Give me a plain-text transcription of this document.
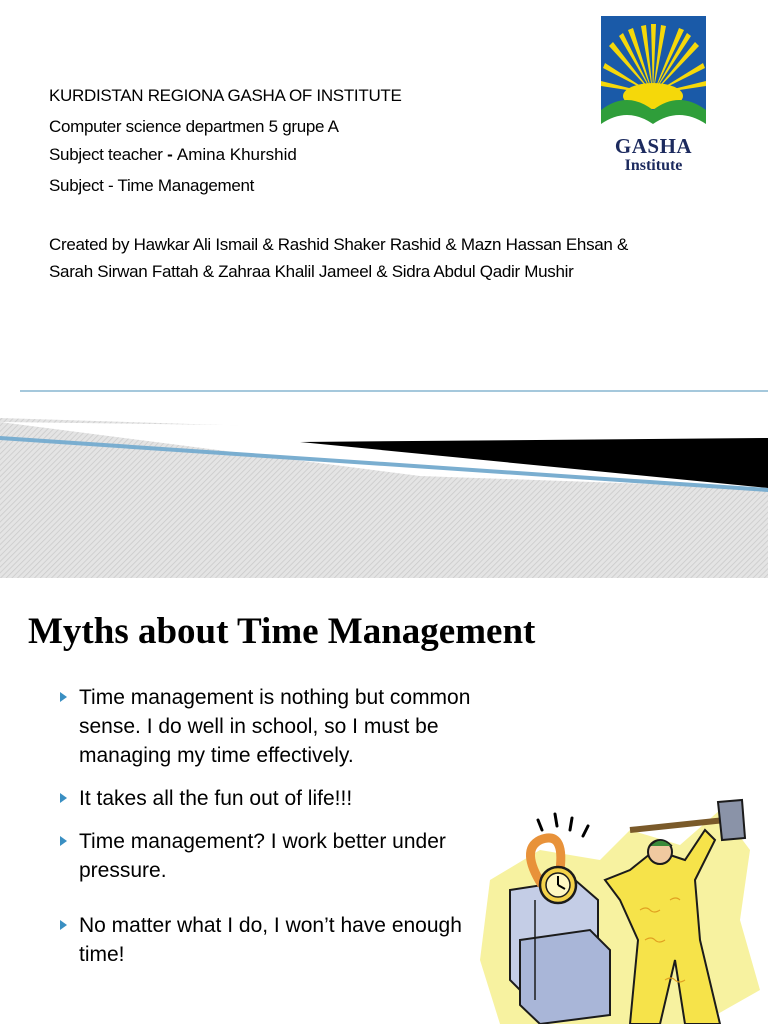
KURDISTAN REGIONA GASHA OF INSTITUTE
Computer science departmen 5 grupe A
Subject teacher - Amina Khurshid
Subject - Time Management
Created by Hawkar Ali Ismail & Rashid Shaker Rashid & Mazn Hassan Ehsan &
Sarah Sirwan Fattah & Zahraa Khalil Jameel & Sidra Abdul Qadir Mushir
GASHA
Institute
Myths about Time Management
Time management is nothing but common sense. I do well in school, so I must be managing my time effectively.
It takes all the fun out of life!!!
Time management? I work better under pressure.
No matter what I do, I won’t have enough time!
